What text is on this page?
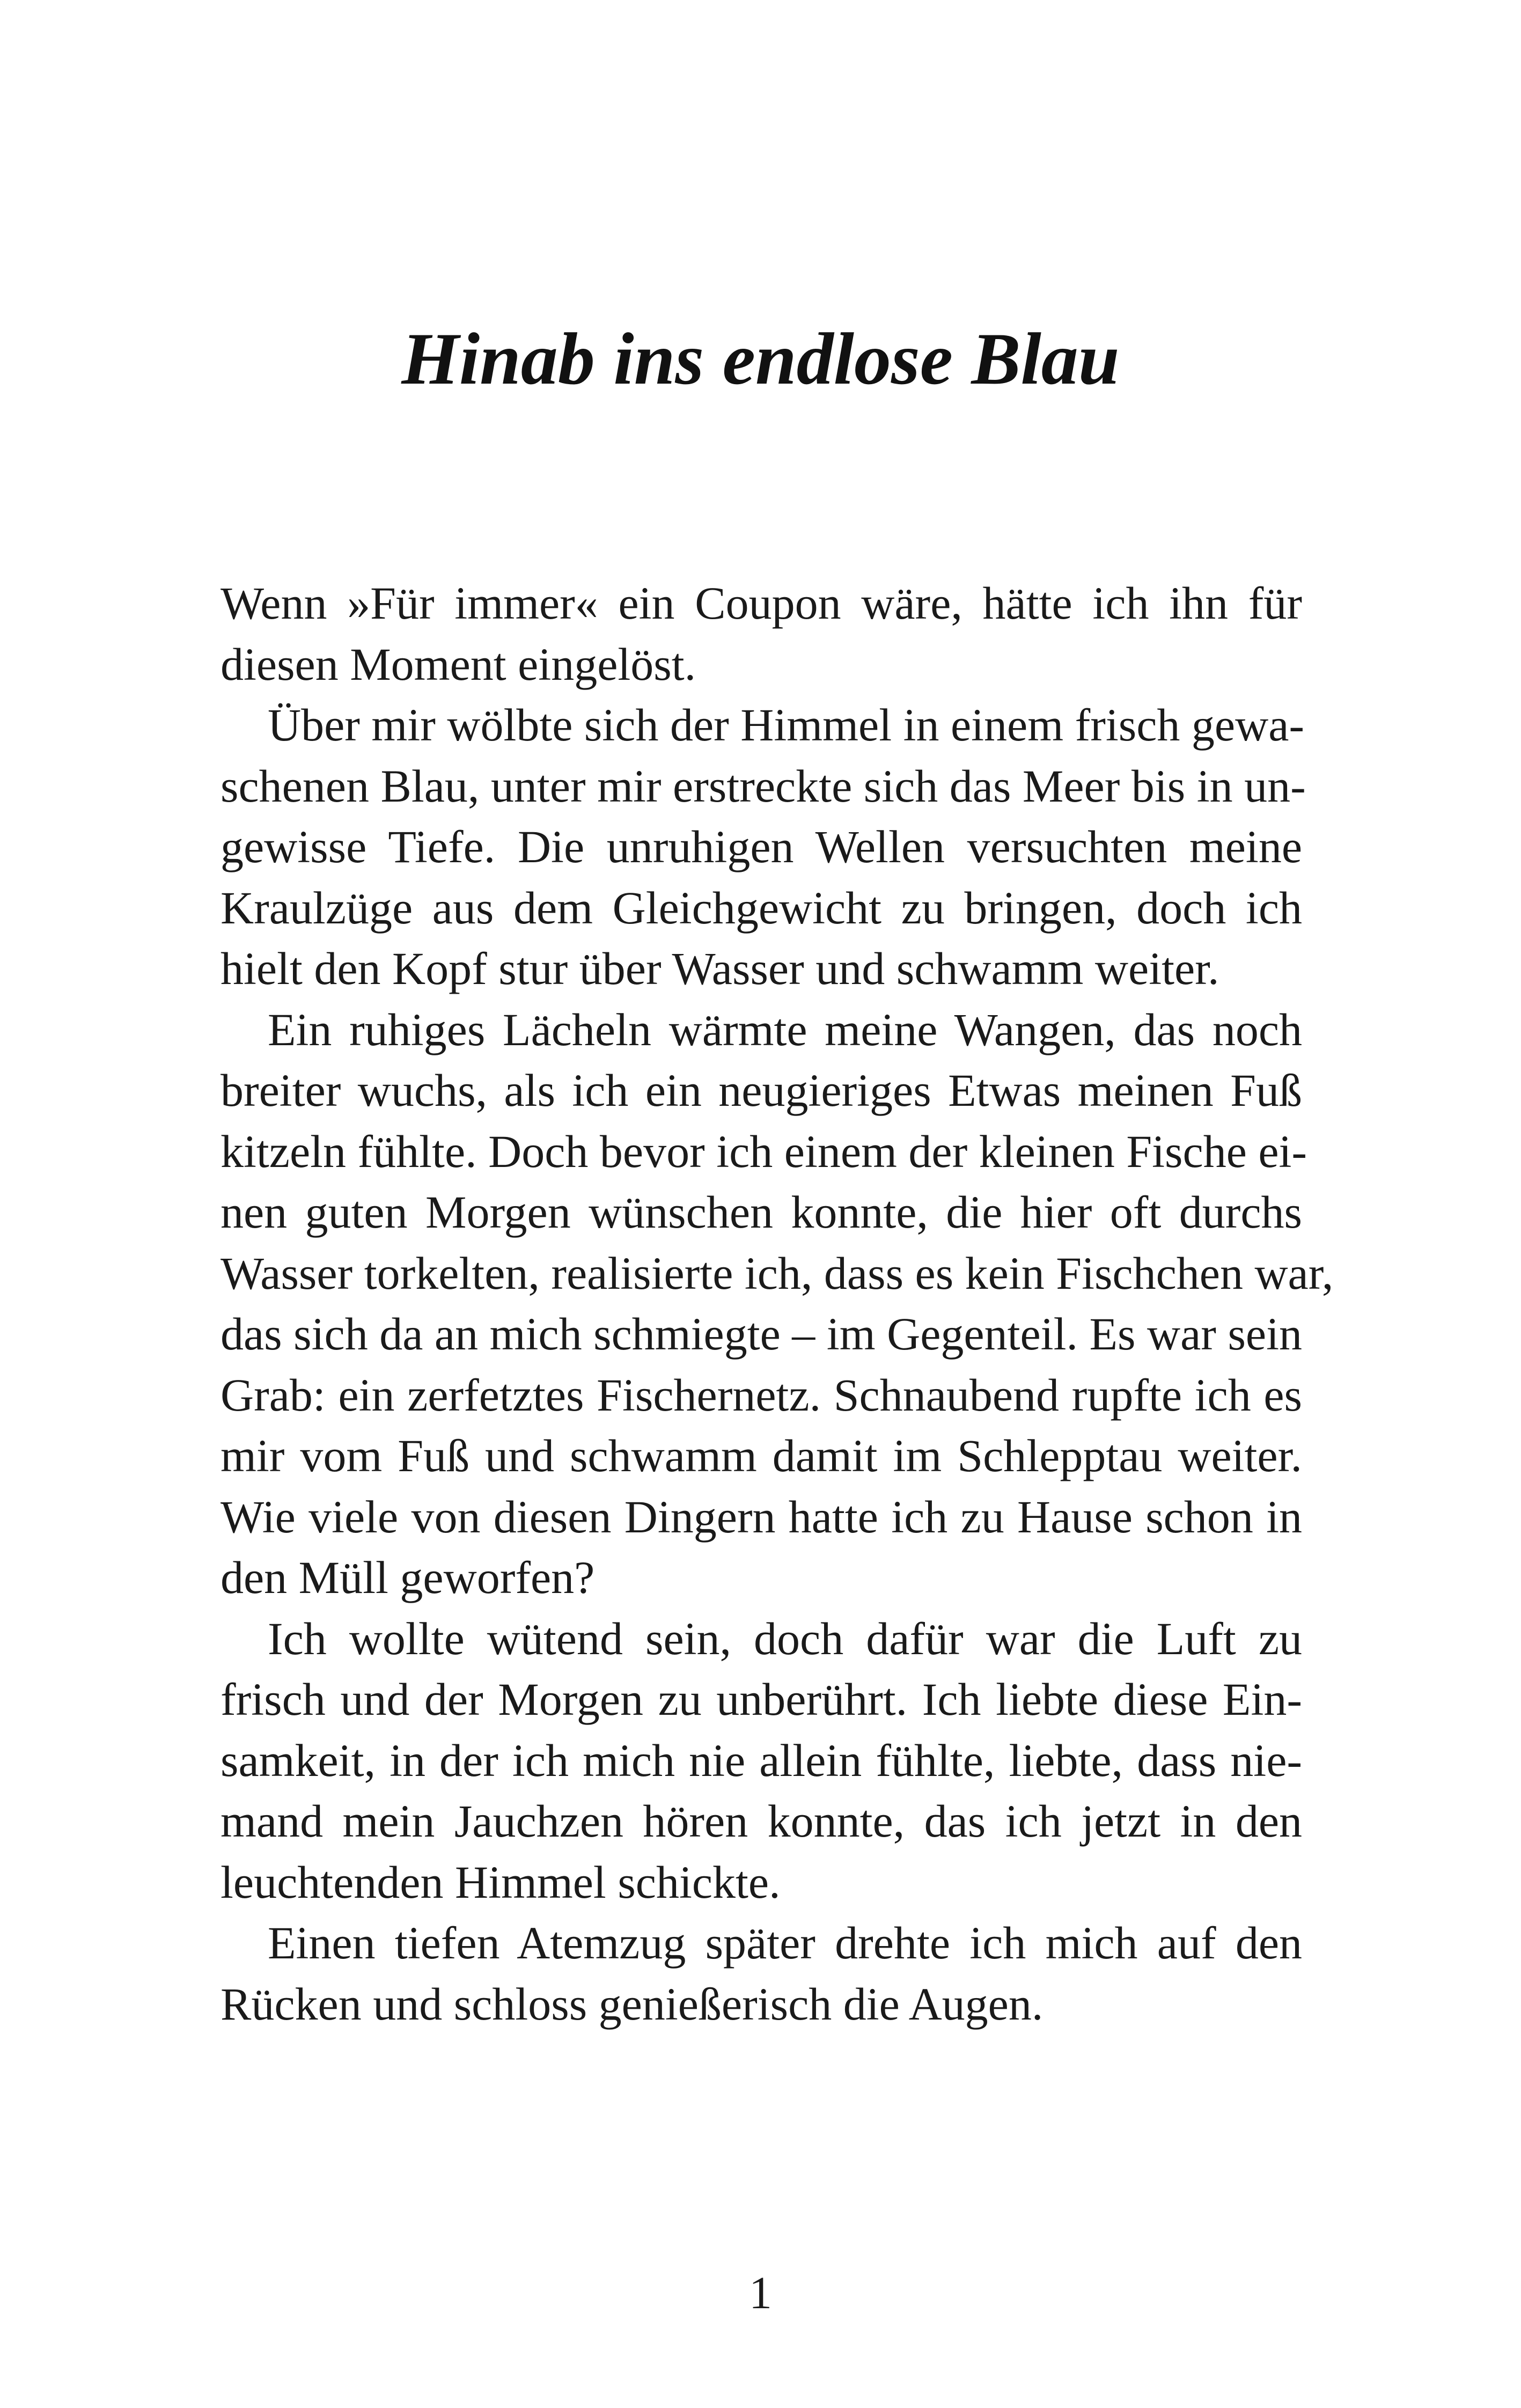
Hinab ins endlose Blau
Wenn »Für immer« ein Coupon wäre, hätte ich ihn für
diesen Moment eingelöst.
Über mir wölbte sich der Himmel in einem frisch gewa-
schenen Blau, unter mir erstreckte sich das Meer bis in un-
gewisse Tiefe. Die unruhigen Wellen versuchten meine
Kraulzüge aus dem Gleichgewicht zu bringen, doch ich
hielt den Kopf stur über Wasser und schwamm weiter.
Ein ruhiges Lächeln wärmte meine Wangen, das noch
breiter wuchs, als ich ein neugieriges Etwas meinen Fuß
kitzeln fühlte. Doch bevor ich einem der kleinen Fische ei-
nen guten Morgen wünschen konnte, die hier oft durchs
Wasser torkelten, realisierte ich, dass es kein Fischchen war,
das sich da an mich schmiegte – im Gegenteil. Es war sein
Grab: ein zerfetztes Fischernetz. Schnaubend rupfte ich es
mir vom Fuß und schwamm damit im Schlepptau weiter.
Wie viele von diesen Dingern hatte ich zu Hause schon in
den Müll geworfen?
Ich wollte wütend sein, doch dafür war die Luft zu
frisch und der Morgen zu unberührt. Ich liebte diese Ein-
samkeit, in der ich mich nie allein fühlte, liebte, dass nie-
mand mein Jauchzen hören konnte, das ich jetzt in den
leuchtenden Himmel schickte.
Einen tiefen Atemzug später drehte ich mich auf den
Rücken und schloss genießerisch die Augen.
1
